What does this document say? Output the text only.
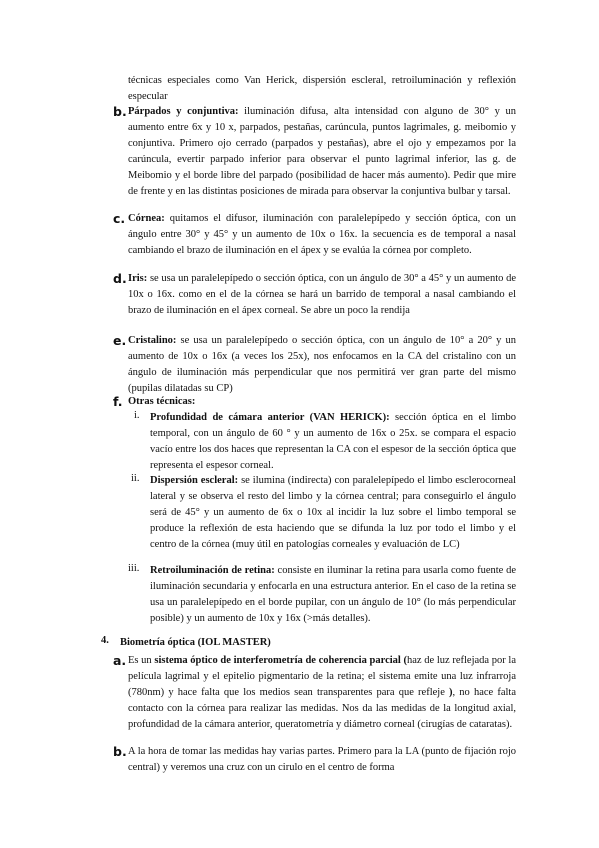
técnicas especiales como Van Herick, dispersión escleral, retroiluminación y reflexión especular

b. Párpados y conjuntiva: iluminación difusa, alta intensidad con alguno de 30° y un aumento entre 6x y 10 x, parpados, pestañas, carúncula, puntos lagrimales, g. meibomio y conjuntiva. Primero ojo cerrado (parpados y pestañas), abre el ojo y empezamos por la carúncula, evertir parpado inferior para observar el punto lagrimal inferior, las g. de Meibomio y el borde libre del parpado (posibilidad de hacer más aumento). Pedir que mire de frente y en las distintas posiciones de mirada para observar la conjuntiva bulbar y tarsal.

c. Córnea: quitamos el difusor, iluminación con paralelepípedo y sección óptica, con un ángulo entre 30° y 45° y un aumento de 10x o 16x. la secuencia es de temporal a nasal cambiando el brazo de iluminación en el ápex y se evalúa la córnea por completo.

d. Iris: se usa un paralelepípedo o sección óptica, con un ángulo de 30° a 45° y un aumento de 10x o 16x. como en el de la córnea se hará un barrido de temporal a nasal cambiando el brazo de iluminación en el ápex corneal. Se abre un poco la rendija

e. Cristalino: se usa un paralelepípedo o sección óptica, con un ángulo de 10° a 20° y un aumento de 10x o 16x (a veces los 25x), nos enfocamos en la CA del cristalino con un ángulo de iluminación más perpendicular que nos permitirá ver gran parte del mismo (pupilas dilatadas su CP)

f. Otras técnicas:

i. Profundidad de cámara anterior (VAN HERICK): sección óptica en el limbo temporal, con un ángulo de 60 ° y un aumento de 16x o 25x. se compara el espacio vacío entre los dos haces que representan la CA con el espesor de la sección óptica que representa el espesor corneal.

ii. Dispersión escleral: se ilumina (indirecta) con paralelepípedo el limbo esclerocorneal lateral y se observa el resto del limbo y la córnea central; para conseguirlo el ángulo será de 45° y un aumento de 6x o 10x al incidir la luz sobre el limbo temporal se produce la reflexión de esta haciendo que se difunda la luz por todo el limbo y el centro de la córnea (muy útil en patologías corneales y evaluación de LC)

iii. Retroiluminación de retina: consiste en iluminar la retina para usarla como fuente de iluminación secundaria y enfocarla en una estructura anterior. En el caso de la retina se usa un paralelepípedo en el borde pupilar, con un ángulo de 10° (lo más perpendicular posible) y un aumento de 10x y 16x (>más detalles).

4. Biometría óptica (IOL MASTER)
a. Es un sistema óptico de interferometría de coherencia parcial (haz de luz reflejada por la película lagrimal y el epitelio pigmentario de la retina; el sistema emite una luz infrarroja (780nm) y hace falta que los medios sean transparentes para que refleje ), no hace falta contacto con la córnea para realizar las medidas. Nos da las medidas de la longitud axial, profundidad de la cámara anterior, queratometría y diámetro corneal (cirugías de cataratas).

b. A la hora de tomar las medidas hay varias partes. Primero para la LA (punto de fijación rojo central) y veremos una cruz con un cirulo en el centro de forma
